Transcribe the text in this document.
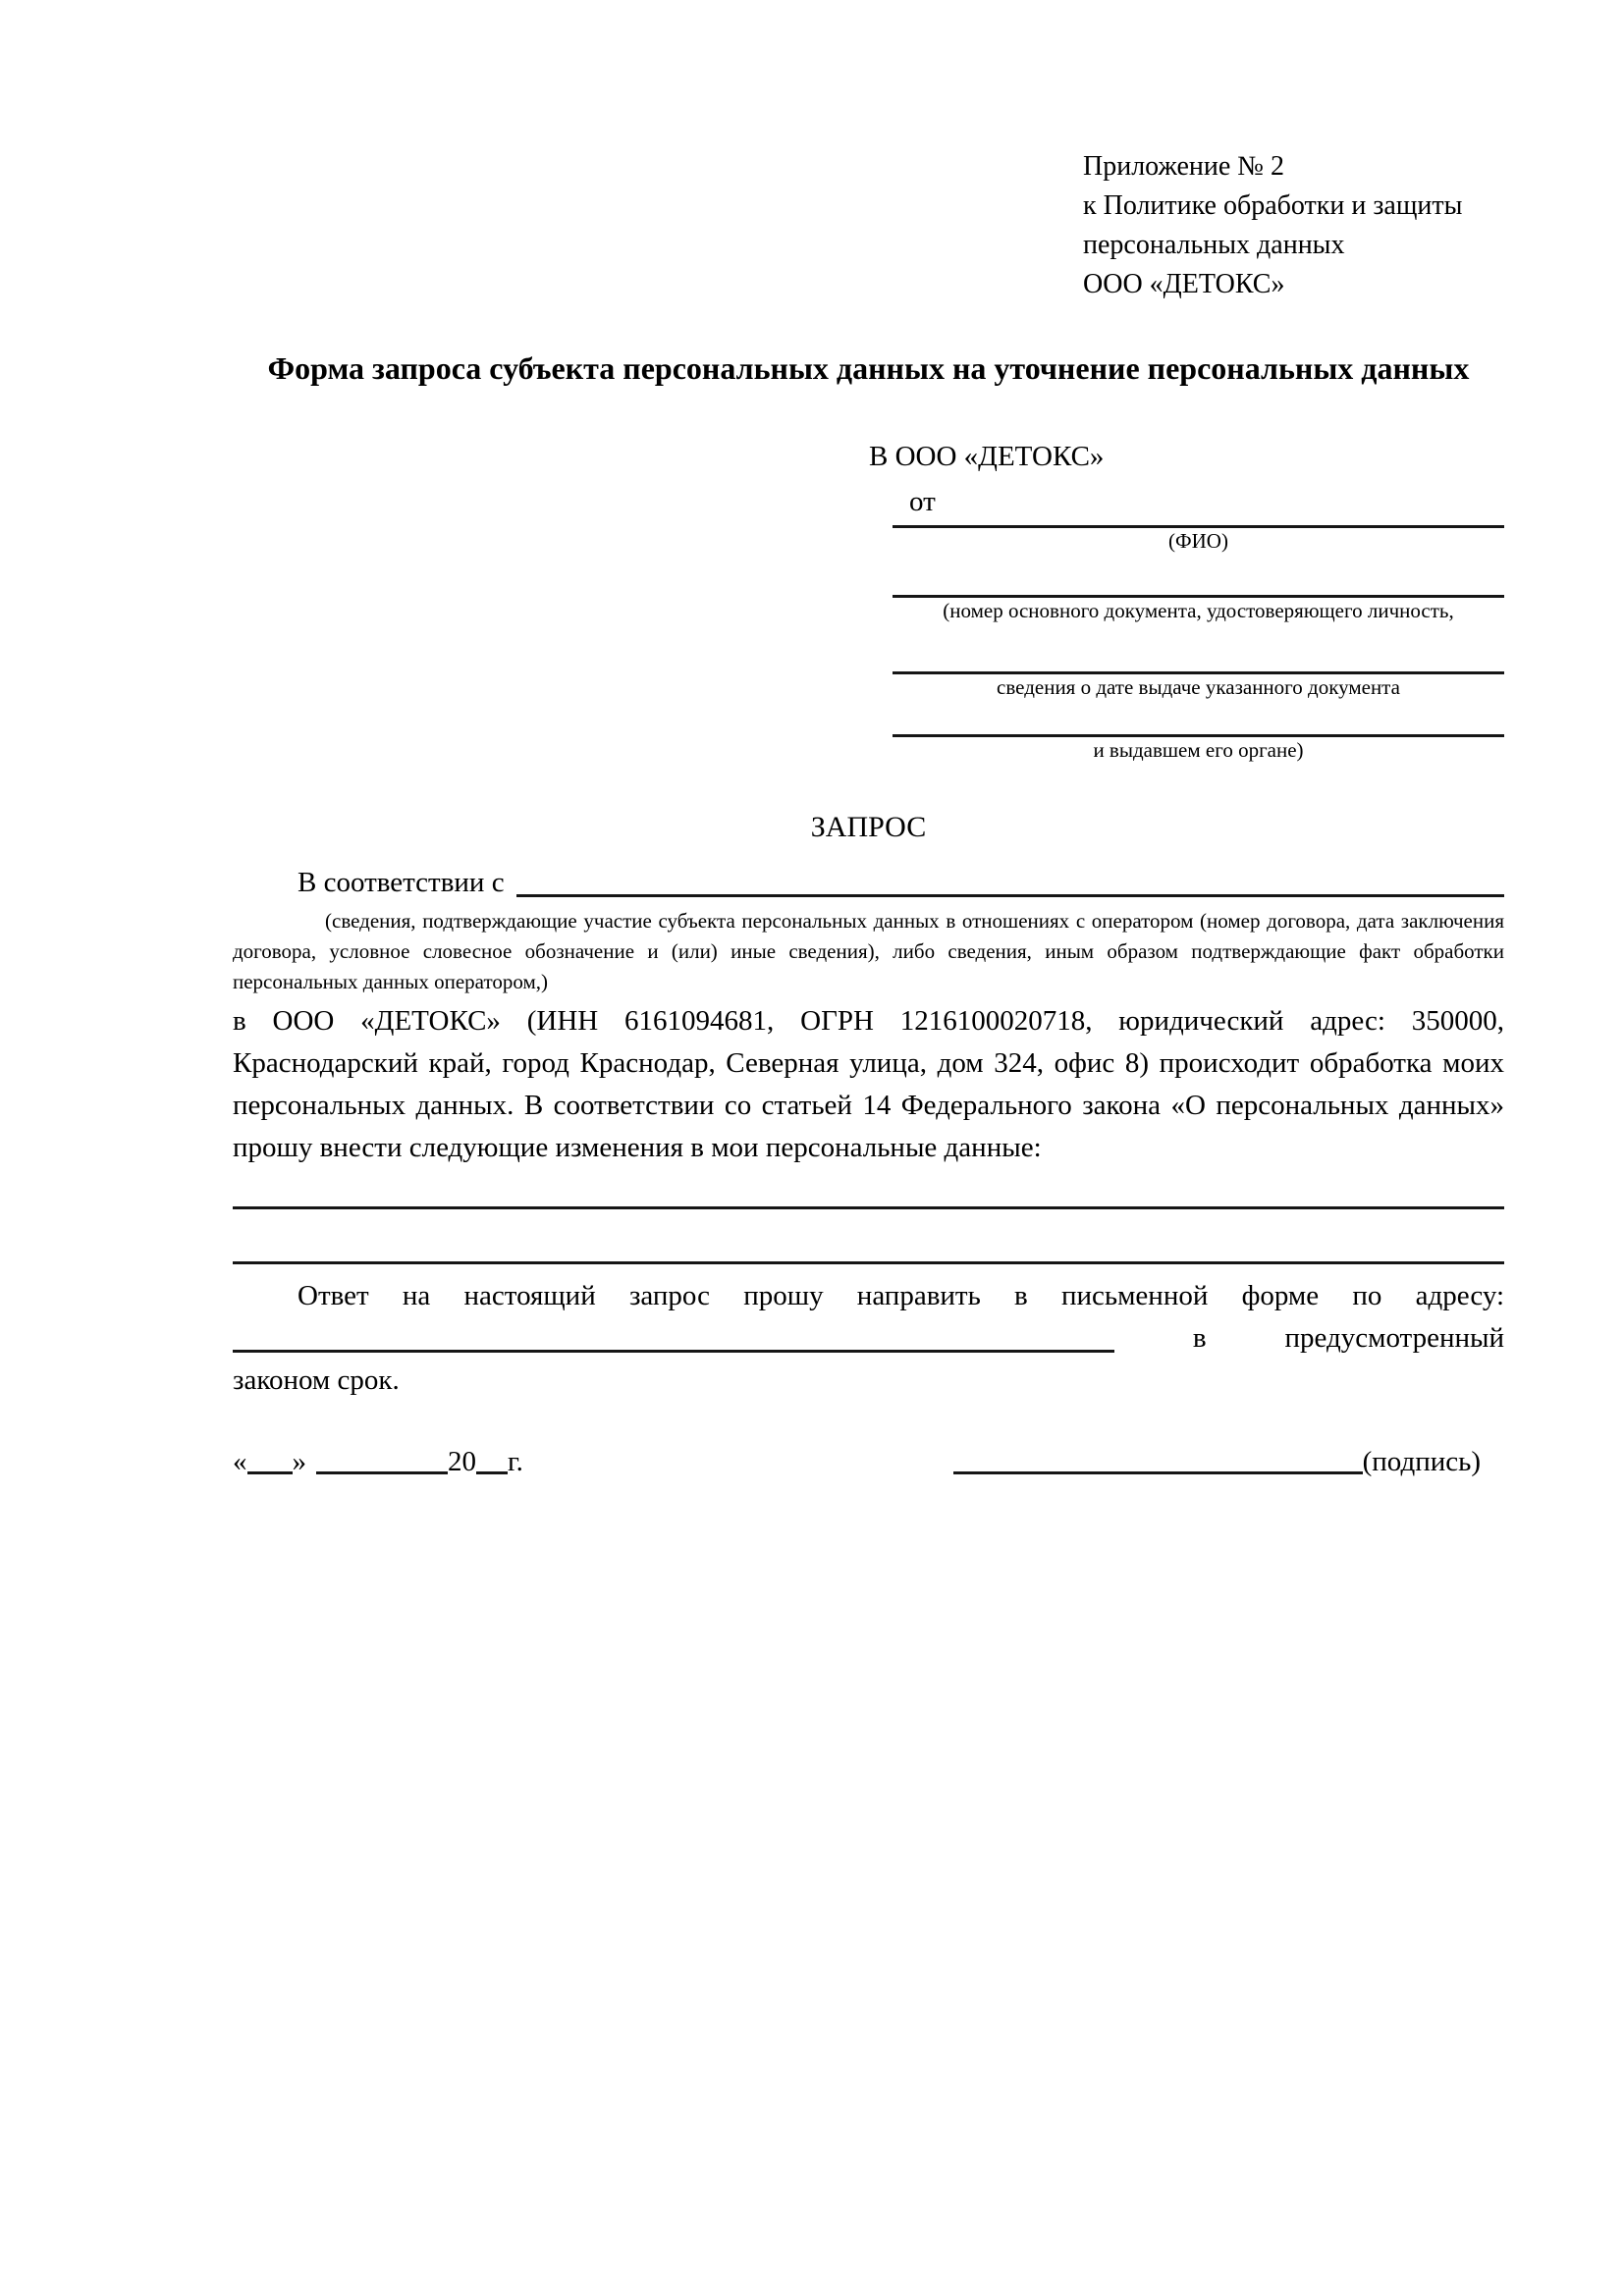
Приложение № 2
к Политике обработки и защиты
персональных данных
ООО «ДЕТОКС»
Форма запроса субъекта персональных данных на уточнение персональных данных
В ООО «ДЕТОКС»
от
(ФИО)
(номер основного документа, удостоверяющего личность,
сведения о дате выдаче указанного документа
и выдавшем его органе)
ЗАПРОС
В соответствии с
(сведения, подтверждающие участие субъекта персональных данных в отношениях с оператором (номер договора, дата заключения договора, условное словесное обозначение и (или) иные сведения), либо сведения, иным образом подтверждающие факт обработки персональных данных оператором,)
в ООО «ДЕТОКС» (ИНН 6161094681, ОГРН 1216100020718, юридический адрес: 350000, Краснодарский край, город Краснодар, Северная улица, дом 324, офис 8) происходит обработка моих персональных данных. В соответствии со статьей 14 Федерального закона «О персональных данных» прошу внести следующие изменения в мои персональные данные:
Ответ на настоящий запрос прошу направить в письменной форме по адресу:
в	предусмотренный
законом срок.
« »	20 г.	(подпись)
